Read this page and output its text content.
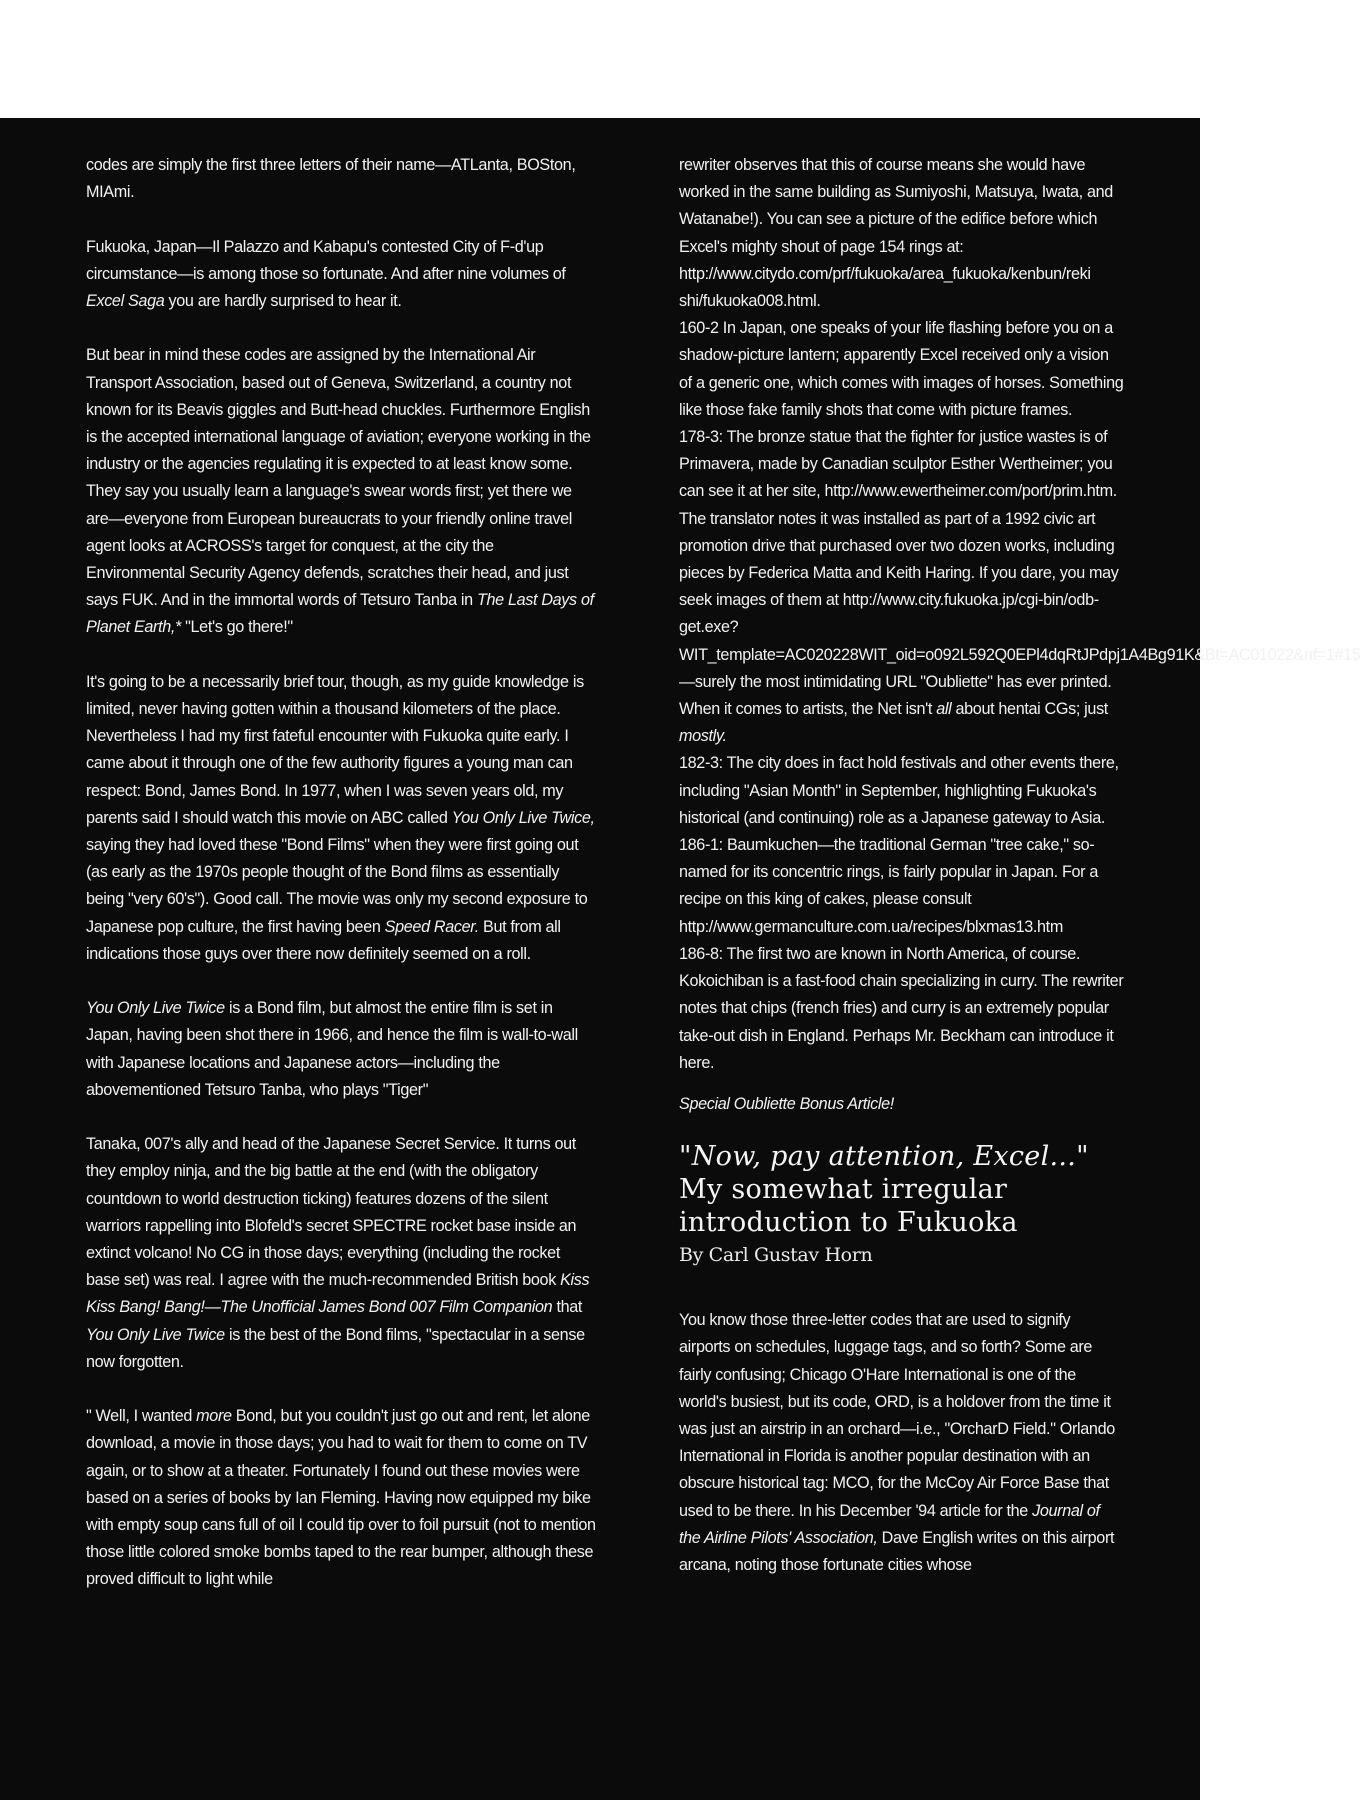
codes are simply the first three letters of their name—ATLanta, BOSton, MIAmi.

Fukuoka, Japan—Il Palazzo and Kabapu's contested City of F-d'up circumstance—is among those so fortunate. And after nine volumes of Excel Saga you are hardly surprised to hear it.

But bear in mind these codes are assigned by the International Air Transport Association, based out of Geneva, Switzerland, a country not known for its Beavis giggles and Butt-head chuckles. Furthermore English is the accepted international language of aviation; everyone working in the industry or the agencies regulating it is expected to at least know some. They say you usually learn a language's swear words first; yet there we are—everyone from European bureaucrats to your friendly online travel agent looks at ACROSS's target for conquest, at the city the Environmental Security Agency defends, scratches their head, and just says FUK. And in the immortal words of Tetsuro Tanba in The Last Days of Planet Earth,* "Let's go there!"

It's going to be a necessarily brief tour, though, as my guide knowledge is limited, never having gotten within a thousand kilometers of the place. Nevertheless I had my first fateful encounter with Fukuoka quite early. I came about it through one of the few authority figures a young man can respect: Bond, James Bond. In 1977, when I was seven years old, my parents said I should watch this movie on ABC called You Only Live Twice, saying they had loved these "Bond Films" when they were first going out (as early as the 1970s people thought of the Bond films as essentially being "very 60's"). Good call. The movie was only my second exposure to Japanese pop culture, the first having been Speed Racer. But from all indications those guys over there now definitely seemed on a roll.

You Only Live Twice is a Bond film, but almost the entire film is set in Japan, having been shot there in 1966, and hence the film is wall-to-wall with Japanese locations and Japanese actors—including the abovementioned Tetsuro Tanba, who plays "Tiger"

Tanaka, 007's ally and head of the Japanese Secret Service. It turns out they employ ninja, and the big battle at the end (with the obligatory countdown to world destruction ticking) features dozens of the silent warriors rappelling into Blofeld's secret SPECTRE rocket base inside an extinct volcano! No CG in those days; everything (including the rocket base set) was real. I agree with the much-recommended British book Kiss Kiss Bang! Bang!—The Unofficial James Bond 007 Film Companion that You Only Live Twice is the best of the Bond films, "spectacular in a sense now forgotten.

" Well, I wanted more Bond, but you couldn't just go out and rent, let alone download, a movie in those days; you had to wait for them to come on TV again, or to show at a theater. Fortunately I found out these movies were based on a series of books by Ian Fleming. Having now equipped my bike with empty soup cans full of oil I could tip over to foil pursuit (not to mention those little colored smoke bombs taped to the rear bumper, although these proved difficult to light while

rewriter observes that this of course means she would have worked in the same building as Sumiyoshi, Matsuya, Iwata, and Watanabe!). You can see a picture of the edifice before which Excel's mighty shout of page 154 rings at: http://www.citydo.com/prf/fukuoka/area_fukuoka/kenbun/reki shi/fukuoka008.html.

160-2 In Japan, one speaks of your life flashing before you on a shadow-picture lantern; apparently Excel received only a vision of a generic one, which comes with images of horses. Something like those fake family shots that come with picture frames.

178-3: The bronze statue that the fighter for justice wastes is of Primavera, made by Canadian sculptor Esther Wertheimer; you can see it at her site, http://www.ewertheimer.com/port/prim.htm. The translator notes it was installed as part of a 1992 civic art promotion drive that purchased over two dozen works, including pieces by Federica Matta and Keith Haring. If you dare, you may seek images of them at http://www.city.fukuoka.jp/cgi-bin/odb-get.exe?WIT_template=AC020228WIT_oid=o092L592Q0EPl4dqRtJPdpj1A4Bg91K&Bt=AC01022&nf=1#15—surely the most intimidating URL "Oubliette" has ever printed. When it comes to artists, the Net isn't all about hentai CGs; just mostly.

182-3: The city does in fact hold festivals and other events there, including "Asian Month" in September, highlighting Fukuoka's historical (and continuing) role as a Japanese gateway to Asia.

186-1: Baumkuchen—the traditional German "tree cake," so-named for its concentric rings, is fairly popular in Japan. For a recipe on this king of cakes, please consult http://www.germanculture.com.ua/recipes/blxmas13.htm

186-8: The first two are known in North America, of course. Kokoichiban is a fast-food chain specializing in curry. The rewriter notes that chips (french fries) and curry is an extremely popular take-out dish in England. Perhaps Mr. Beckham can introduce it here.

Special Oubliette Bonus Article!
"Now, pay attention, Excel..."
My somewhat irregular introduction to Fukuoka
By Carl Gustav Horn

You know those three-letter codes that are used to signify airports on schedules, luggage tags, and so forth? Some are fairly confusing; Chicago O'Hare International is one of the world's busiest, but its code, ORD, is a holdover from the time it was just an airstrip in an orchard—i.e., "OrcharD Field." Orlando International in Florida is another popular destination with an obscure historical tag: MCO, for the McCoy Air Force Base that used to be there. In his December '94 article for the Journal of the Airline Pilots' Association, Dave English writes on this airport arcana, noting those fortunate cities whose
